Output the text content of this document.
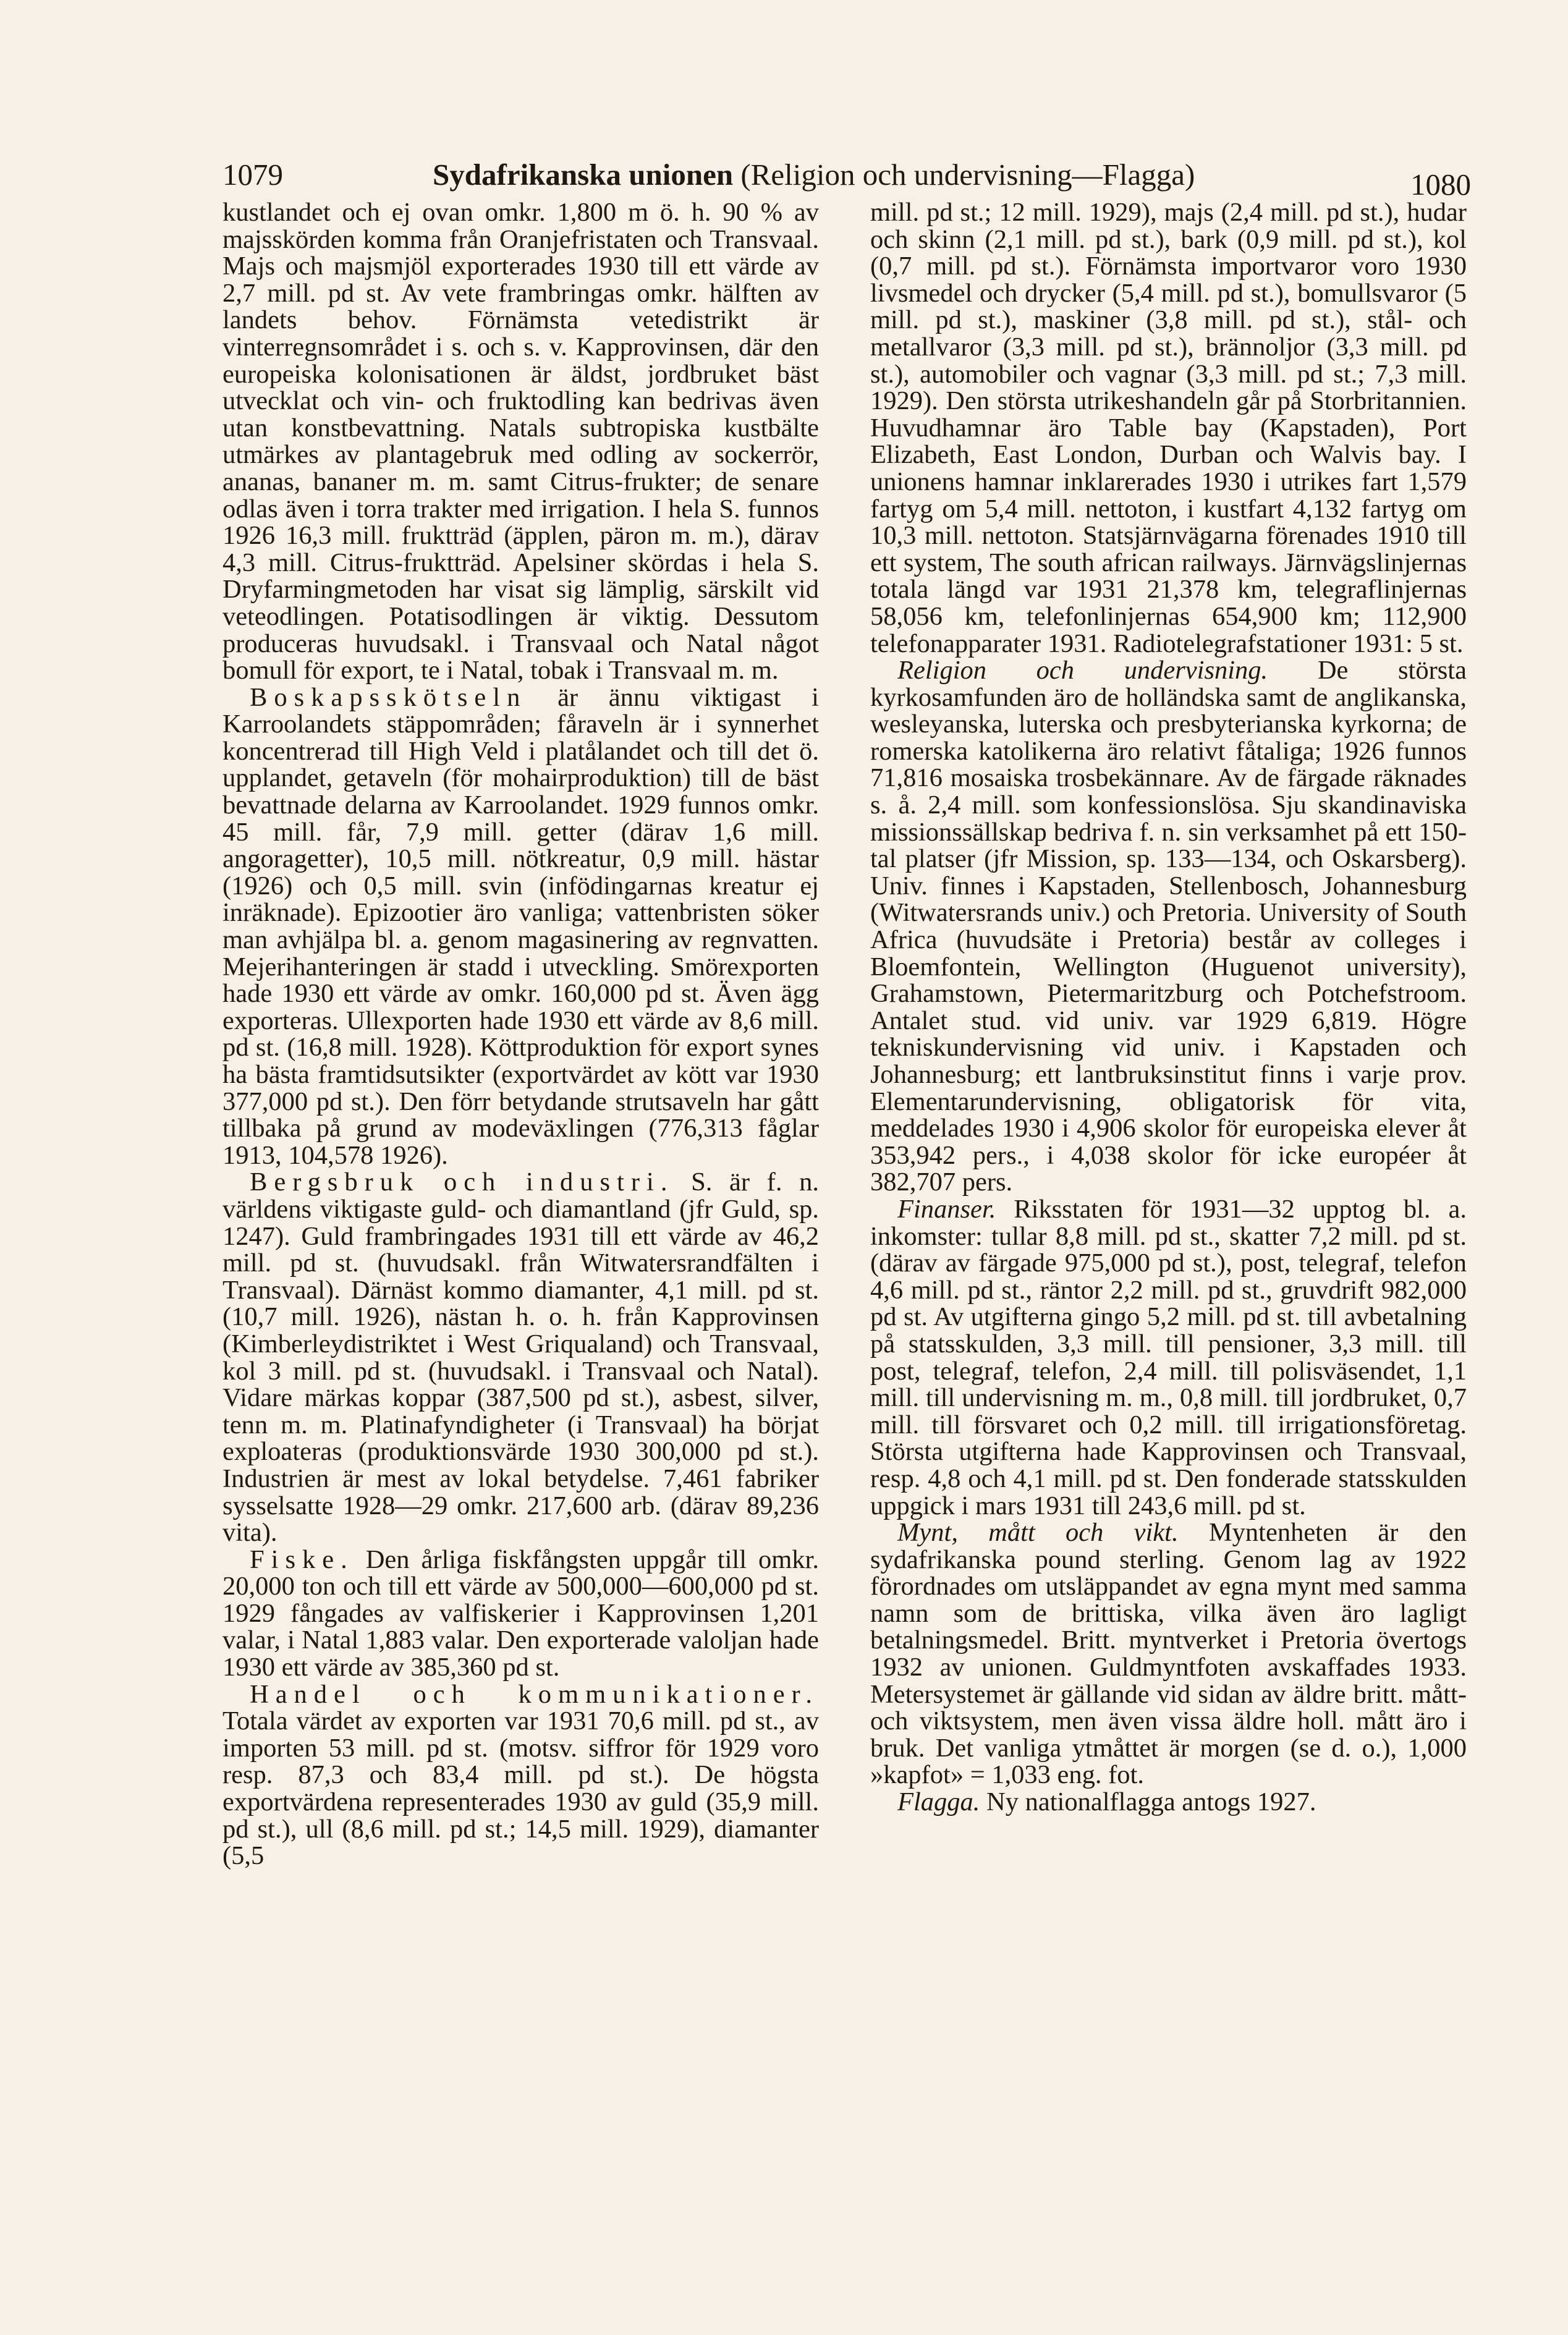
1079	Sydafrikanska unionen (Religion och undervisning—Flagga)	1080

kustlandet och ej ovan omkr. 1,800 m ö. h. 90 % av majsskörden komma från Oranjefristaten och Transvaal. Majs och majsmjöl exporterades 1930 till ett värde av 2,7 mill. pd st. Av vete frambringas omkr. hälften av landets behov. Förnämsta vetedistrikt är vinterregnsområdet i s. och s. v. Kapprovinsen, där den europeiska kolonisationen är äldst, jordbruket bäst utvecklat och vin- och fruktodling kan bedrivas även utan konstbevattning. Natals subtropiska kustbälte utmärkes av plantagebruk med odling av sockerrör, ananas, bananer m. m. samt Citrus-frukter; de senare odlas även i torra trakter med irrigation. I hela S. funnos 1926 16,3 mill. fruktträd (äpplen, päron m. m.), därav 4,3 mill. Citrus-fruktträd. Apelsiner skördas i hela S. Dryfarmingmetoden har visat sig lämplig, särskilt vid veteodlingen. Potatisodlingen är viktig. Dessutom produceras huvudsakl. i Transvaal och Natal något bomull för export, te i Natal, tobak i Transvaal m. m.

Boskapsskötseln är ännu viktigast i Karroolandets stäppområden; fåraveln är i synnerhet koncentrerad till High Veld i platålandet och till det ö. upplandet, getaveln (för mohairproduktion) till de bäst bevattnade delarna av Karroolandet. 1929 funnos omkr. 45 mill. får, 7,9 mill. getter (därav 1,6 mill. angoragetter), 10,5 mill. nötkreatur, 0,9 mill. hästar (1926) och 0,5 mill. svin (infödingarnas kreatur ej inräknade). Epizootier äro vanliga; vattenbristen söker man avhjälpa bl. a. genom magasinering av regnvatten. Mejerihanteringen är stadd i utveckling. Smörexporten hade 1930 ett värde av omkr. 160,000 pd st. Även ägg exporteras. Ullexporten hade 1930 ett värde av 8,6 mill. pd st. (16,8 mill. 1928). Köttproduktion för export synes ha bästa framtidsutsikter (exportvärdet av kött var 1930 377,000 pd st.). Den förr betydande strutsaveln har gått tillbaka på grund av modeväxlingen (776,313 fåglar 1913, 104,578 1926).

Bergsbruk och industri. S. är f. n. världens viktigaste guld- och diamantland (jfr Guld, sp. 1247). Guld frambringades 1931 till ett värde av 46,2 mill. pd st. (huvudsakl. från Witwatersrandfälten i Transvaal). Därnäst kommo diamanter, 4,1 mill. pd st. (10,7 mill. 1926), nästan h. o. h. från Kapprovinsen (Kimberleydistriktet i West Griqualand) och Transvaal, kol 3 mill. pd st. (huvudsakl. i Transvaal och Natal). Vidare märkas koppar (387,500 pd st.), asbest, silver, tenn m. m. Platinafyndigheter (i Transvaal) ha börjat exploateras (produktionsvärde 1930 300,000 pd st.). Industrien är mest av lokal betydelse. 7,461 fabriker sysselsatte 1928—29 omkr. 217,600 arb. (därav 89,236 vita).

Fiske. Den årliga fiskfångsten uppgår till omkr. 20,000 ton och till ett värde av 500,000—600,000 pd st. 1929 fångades av valfiskerier i Kapprovinsen 1,201 valar, i Natal 1,883 valar. Den exporterade valoljan hade 1930 ett värde av 385,360 pd st.

Handel och kommunikationer. Totala värdet av exporten var 1931 70,6 mill. pd st., av importen 53 mill. pd st. (motsv. siffror för 1929 voro resp. 87,3 och 83,4 mill. pd st.). De högsta exportvärdena representerades 1930 av guld (35,9 mill. pd st.), ull (8,6 mill. pd st.; 14,5 mill. 1929), diamanter (5,5

mill. pd st.; 12 mill. 1929), majs (2,4 mill. pd st.), hudar och skinn (2,1 mill. pd st.), bark (0,9 mill. pd st.), kol (0,7 mill. pd st.). Förnämsta importvaror voro 1930 livsmedel och drycker (5,4 mill. pd st.), bomullsvaror (5 mill. pd st.), maskiner (3,8 mill. pd st.), stål- och metallvaror (3,3 mill. pd st.), brännoljor (3,3 mill. pd st.), automobiler och vagnar (3,3 mill. pd st.; 7,3 mill. 1929). Den största utrikeshandeln går på Storbritannien. Huvudhamnar äro Table bay (Kapstaden), Port Elizabeth, East London, Durban och Walvis bay. I unionens hamnar inklarerades 1930 i utrikes fart 1,579 fartyg om 5,4 mill. nettoton, i kustfart 4,132 fartyg om 10,3 mill. nettoton. Statsjärnvägarna förenades 1910 till ett system, The south african railways. Järnvägslinjernas totala längd var 1931 21,378 km, telegraflinjernas 58,056 km, telefonlinjernas 654,900 km; 112,900 telefonapparater 1931. Radiotelegrafstationer 1931: 5 st.

Religion och undervisning. De största kyrkosamfunden äro de holländska samt de anglikanska, wesleyanska, luterska och presbyterianska kyrkorna; de romerska katolikerna äro relativt fåtaliga; 1926 funnos 71,816 mosaiska trosbekännare. Av de färgade räknades s. å. 2,4 mill. som konfessionslösa. Sju skandinaviska missionssällskap bedriva f. n. sin verksamhet på ett 150-tal platser (jfr Mission, sp. 133—134, och Oskarsberg). Univ. finnes i Kapstaden, Stellenbosch, Johannesburg (Witwatersrands univ.) och Pretoria. University of South Africa (huvudsäte i Pretoria) består av colleges i Bloemfontein, Wellington (Huguenot university), Grahamstown, Pietermaritzburg och Potchefstroom. Antalet stud. vid univ. var 1929 6,819. Högre tekniskundervisning vid univ. i Kapstaden och Johannesburg; ett lantbruksinstitut finns i varje prov. Elementarundervisning, obligatorisk för vita, meddelades 1930 i 4,906 skolor för europeiska elever åt 353,942 pers., i 4,038 skolor för icke européer åt 382,707 pers.

Finanser. Riksstaten för 1931—32 upptog bl. a. inkomster: tullar 8,8 mill. pd st., skatter 7,2 mill. pd st. (därav av färgade 975,000 pd st.), post, telegraf, telefon 4,6 mill. pd st., räntor 2,2 mill. pd st., gruvdrift 982,000 pd st. Av utgifterna gingo 5,2 mill. pd st. till avbetalning på statsskulden, 3,3 mill. till pensioner, 3,3 mill. till post, telegraf, telefon, 2,4 mill. till polisväsendet, 1,1 mill. till undervisning m. m., 0,8 mill. till jordbruket, 0,7 mill. till försvaret och 0,2 mill. till irrigationsföretag. Största utgifterna hade Kapprovinsen och Transvaal, resp. 4,8 och 4,1 mill. pd st. Den fonderade statsskulden uppgick i mars 1931 till 243,6 mill. pd st.

Mynt, mått och vikt. Myntenheten är den sydafrikanska pound sterling. Genom lag av 1922 förordnades om utsläppandet av egna mynt med samma namn som de brittiska, vilka även äro lagligt betalningsmedel. Britt. myntverket i Pretoria övertogs 1932 av unionen. Guldmyntfoten avskaffades 1933. Metersystemet är gällande vid sidan av äldre britt. mått- och viktsystem, men även vissa äldre holl. mått äro i bruk. Det vanliga ytmåttet är morgen (se d. o.), 1,000 »kapfot» = 1,033 eng. fot.

Flagga. Ny nationalflagga antogs 1927.
